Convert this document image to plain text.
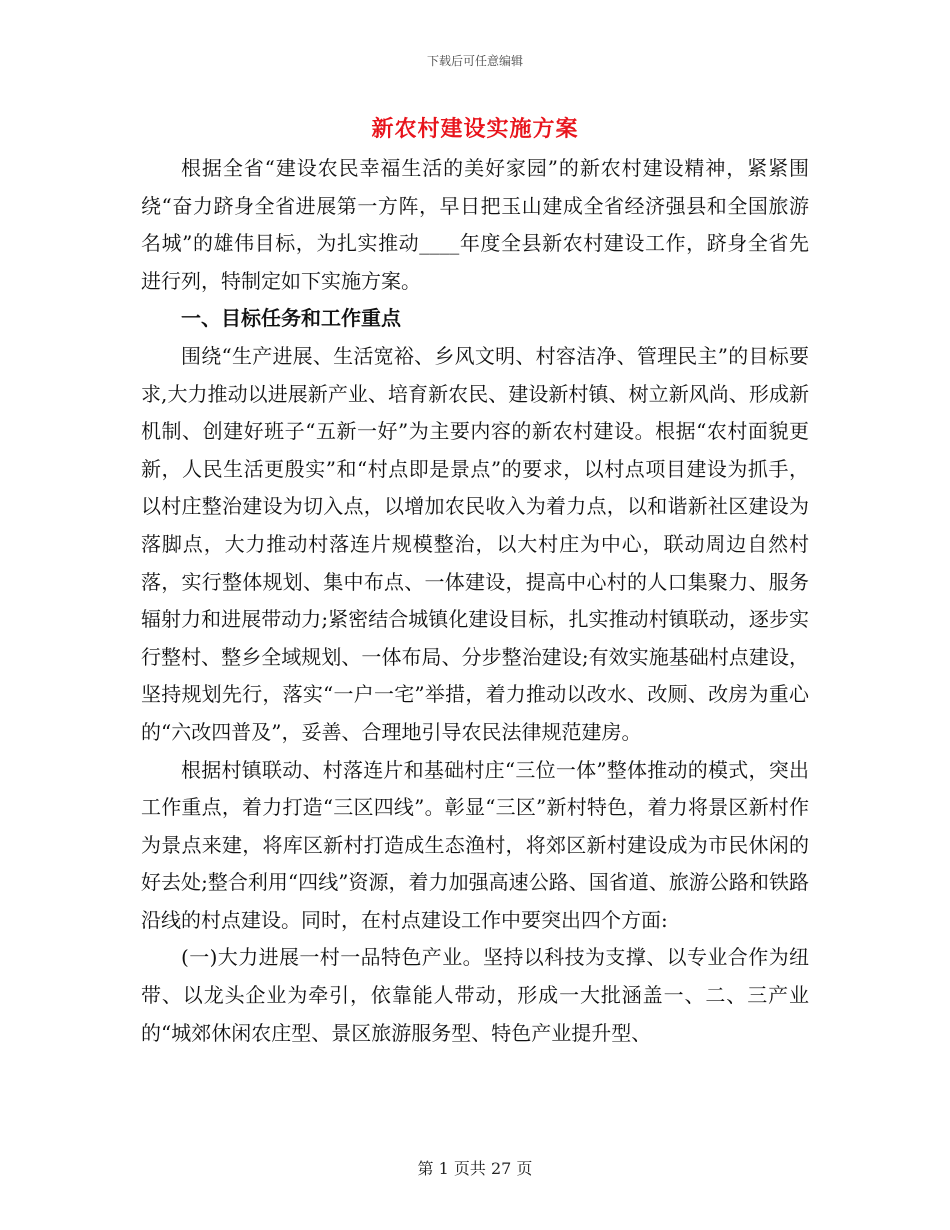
下载后可任意编辑
新农村建设实施方案

根据全省“建设农民幸福生活的美好家园”的新农村建设精神，紧紧围绕“奋力跻身全省进展第一方阵，早日把玉山建成全省经济强县和全国旅游名城”的雄伟目标，为扎实推动____年度全县新农村建设工作，跻身全省先进行列，特制定如下实施方案。

一、目标任务和工作重点

围绕“生产进展、生活宽裕、乡风文明、村容洁净、管理民主”的目标要求,大力推动以进展新产业、培育新农民、建设新村镇、树立新风尚、形成新机制、创建好班子“五新一好”为主要内容的新农村建设。根据“农村面貌更新，人民生活更殷实”和“村点即是景点”的要求，以村点项目建设为抓手，以村庄整治建设为切入点，以增加农民收入为着力点，以和谐新社区建设为落脚点，大力推动村落连片规模整治，以大村庄为中心，联动周边自然村落，实行整体规划、集中布点、一体建设，提高中心村的人口集聚力、服务辐射力和进展带动力;紧密结合城镇化建设目标，扎实推动村镇联动，逐步实行整村、整乡全域规划、一体布局、分步整治建设;有效实施基础村点建设，坚持规划先行，落实“一户一宅”举措，着力推动以改水、改厕、改房为重心的“六改四普及”，妥善、合理地引导农民法律规范建房。

根据村镇联动、村落连片和基础村庄“三位一体”整体推动的模式，突出工作重点，着力打造“三区四线”。彰显“三区”新村特色，着力将景区新村作为景点来建，将库区新村打造成生态渔村，将郊区新村建设成为市民休闲的好去处;整合利用“四线”资源，着力加强高速公路、国省道、旅游公路和铁路沿线的村点建设。同时，在村点建设工作中要突出四个方面:

(一)大力进展一村一品特色产业。坚持以科技为支撑、以专业合作为纽带、以龙头企业为牵引，依靠能人带动，形成一大批涵盖一、二、三产业的“城郊休闲农庄型、景区旅游服务型、特色产业提升型、

第 1 页共 27 页
